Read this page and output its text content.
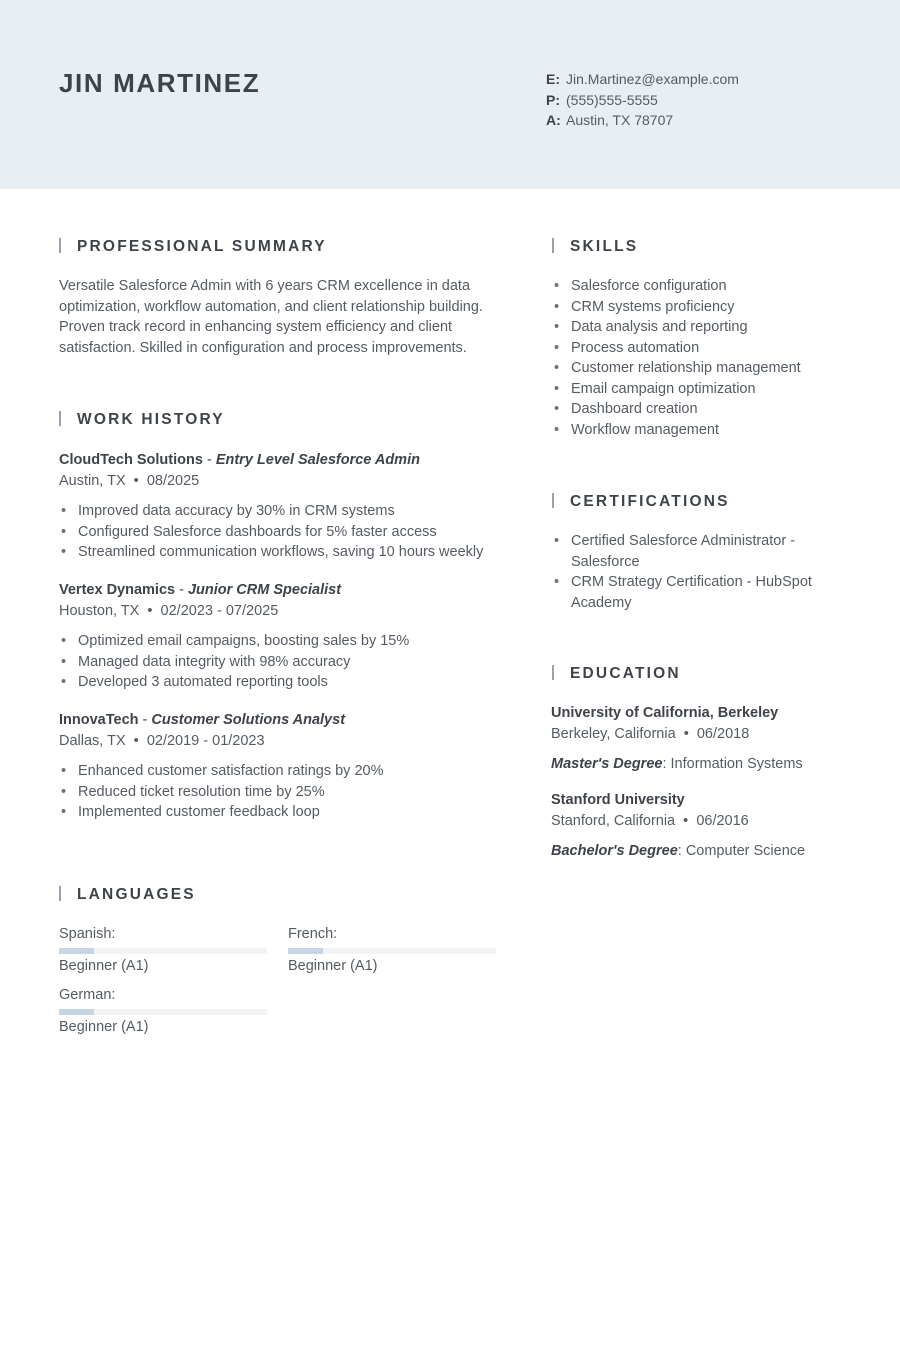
JIN MARTINEZ	E: Jin.Martinez@example.com
P: (555)555-5555
A: Austin, TX 78707
PROFESSIONAL SUMMARY
Versatile Salesforce Admin with 6 years CRM excellence in data optimization, workflow automation, and client relationship building. Proven track record in enhancing system efficiency and client satisfaction. Skilled in configuration and process improvements.
WORK HISTORY
CloudTech Solutions - Entry Level Salesforce Admin
Austin, TX  •  08/2025
• Improved data accuracy by 30% in CRM systems
• Configured Salesforce dashboards for 5% faster access
• Streamlined communication workflows, saving 10 hours weekly
Vertex Dynamics - Junior CRM Specialist
Houston, TX  •  02/2023 - 07/2025
• Optimized email campaigns, boosting sales by 15%
• Managed data integrity with 98% accuracy
• Developed 3 automated reporting tools
InnovaTech - Customer Solutions Analyst
Dallas, TX  •  02/2019 - 01/2023
• Enhanced customer satisfaction ratings by 20%
• Reduced ticket resolution time by 25%
• Implemented customer feedback loop
LANGUAGES
Spanish:
Beginner (A1)
French:
Beginner (A1)
German:
Beginner (A1)
SKILLS
• Salesforce configuration
• CRM systems proficiency
• Data analysis and reporting
• Process automation
• Customer relationship management
• Email campaign optimization
• Dashboard creation
• Workflow management
CERTIFICATIONS
• Certified Salesforce Administrator - Salesforce
• CRM Strategy Certification - HubSpot Academy
EDUCATION
University of California, Berkeley
Berkeley, California  •  06/2018
Master's Degree: Information Systems
Stanford University
Stanford, California  •  06/2016
Bachelor's Degree: Computer Science
